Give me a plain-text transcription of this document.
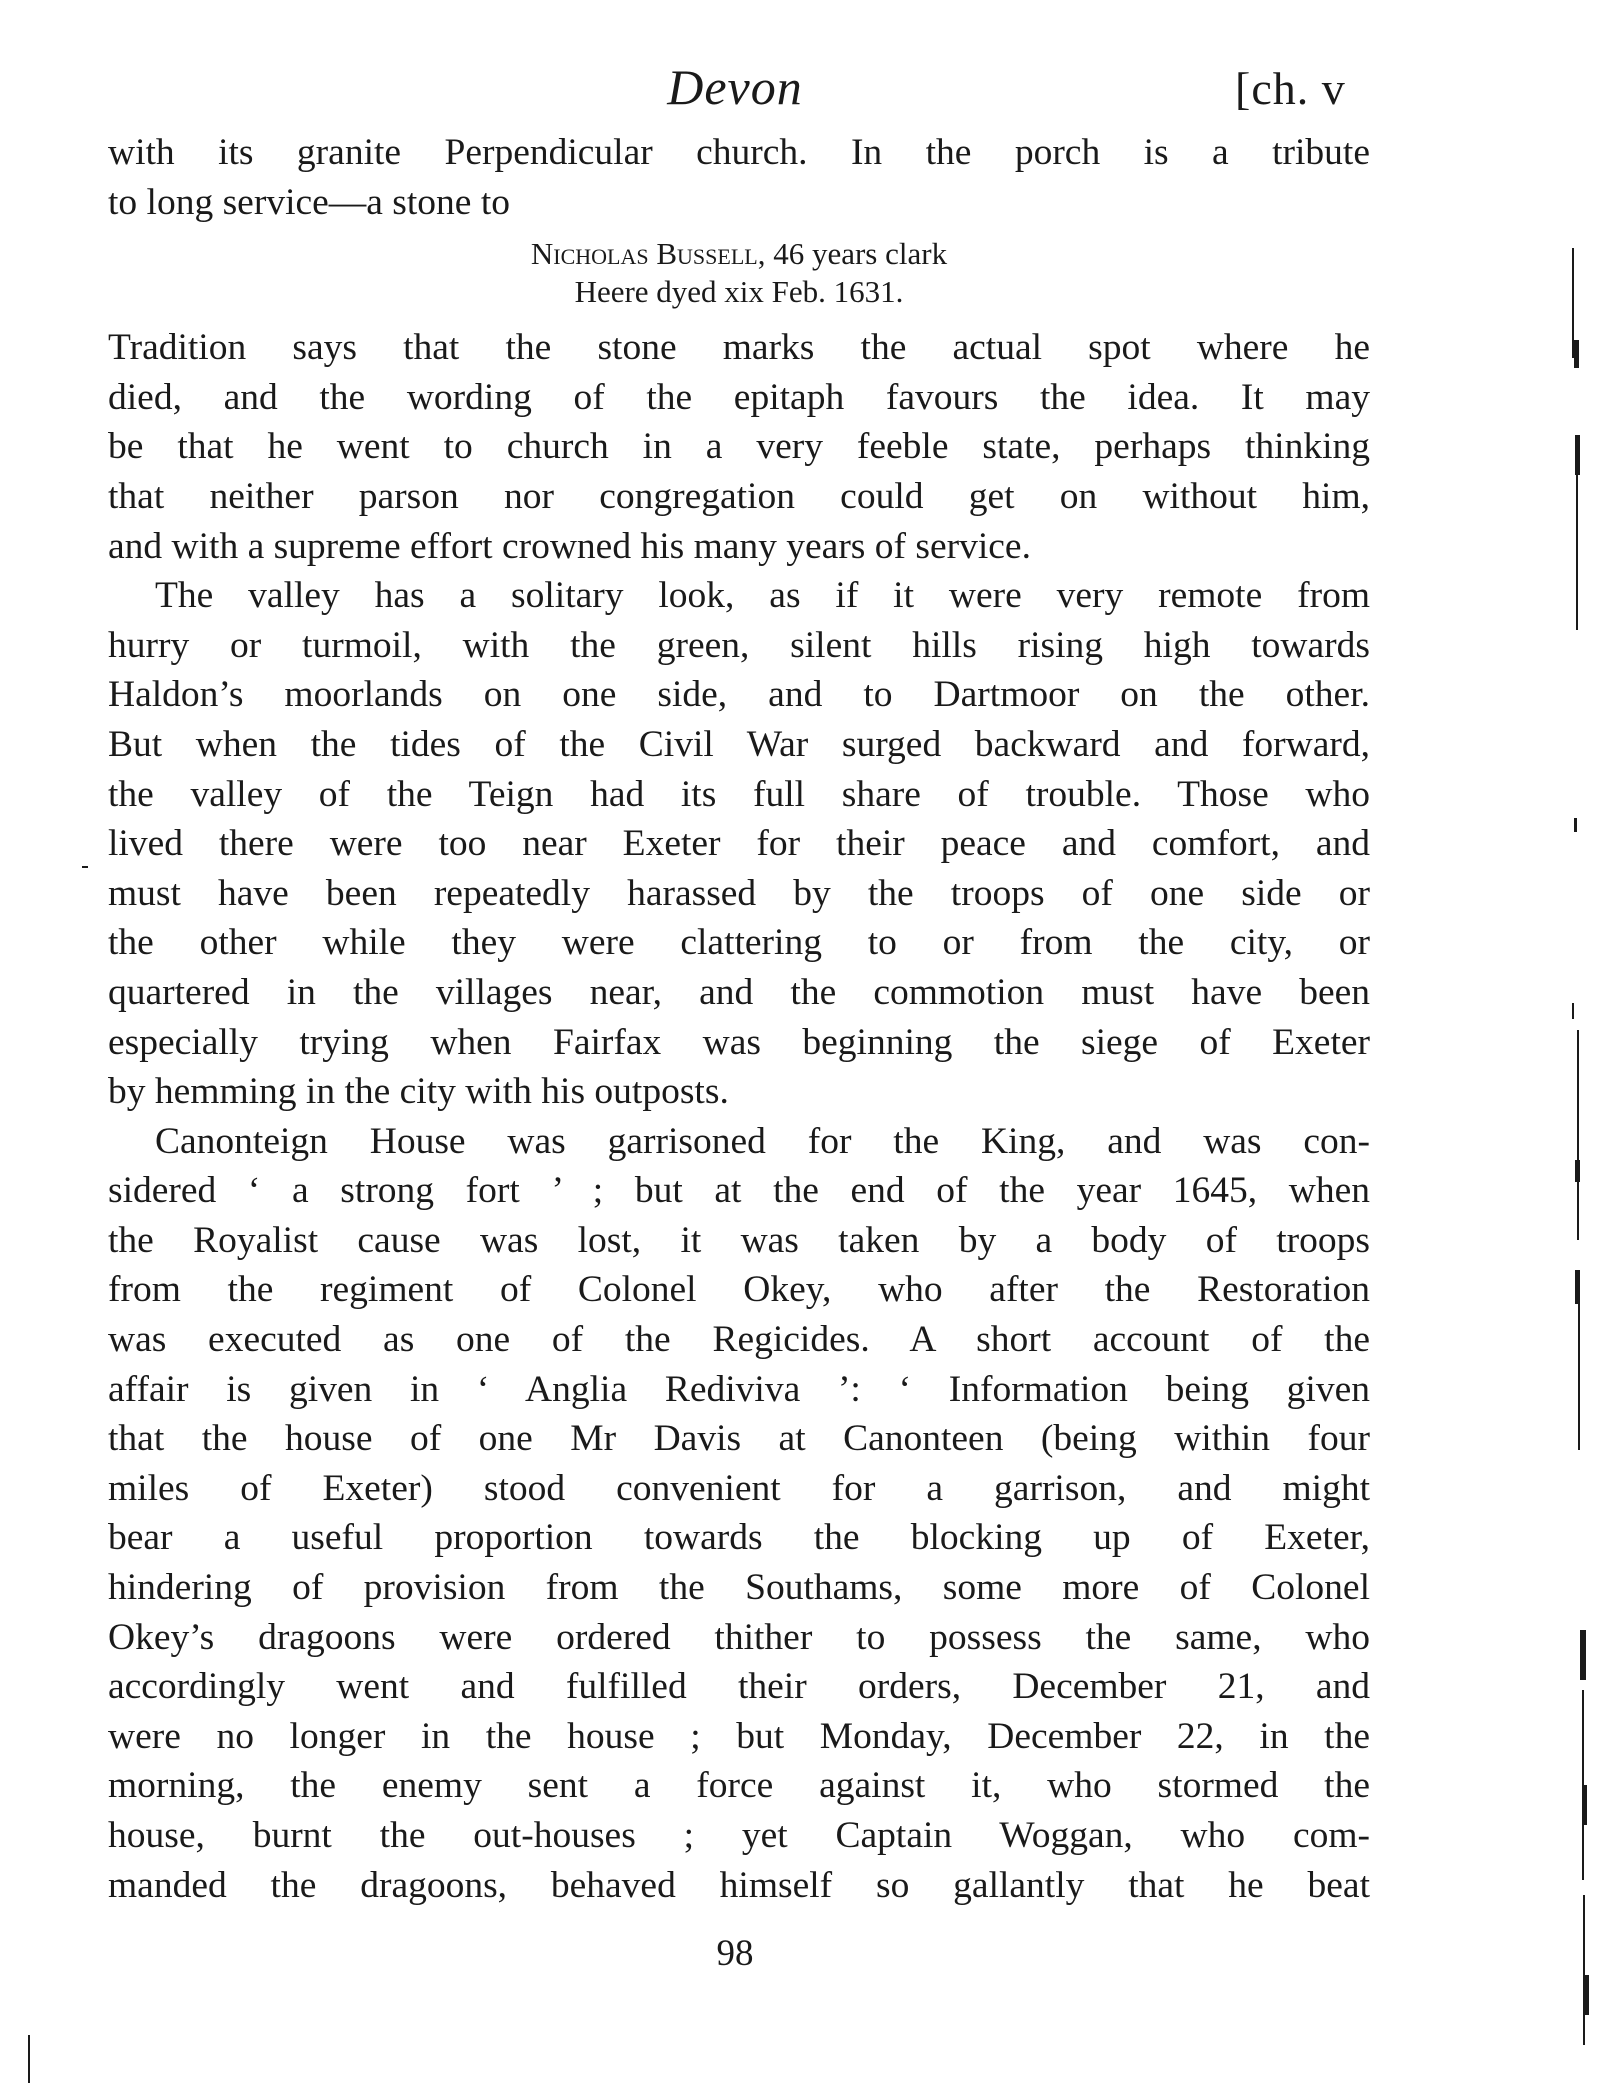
Devon	[ch. v
with its granite Perpendicular church. In the porch is a tribute
to long service—a stone to
Nicholas Bussell, 46 years clark
Heere dyed xix Feb. 1631.
Tradition says that the stone marks the actual spot where he
died, and the wording of the epitaph favours the idea. It may
be that he went to church in a very feeble state, perhaps thinking
that neither parson nor congregation could get on without him,
and with a supreme effort crowned his many years of service.
The valley has a solitary look, as if it were very remote from
hurry or turmoil, with the green, silent hills rising high towards
Haldon’s moorlands on one side, and to Dartmoor on the other.
But when the tides of the Civil War surged backward and forward,
the valley of the Teign had its full share of trouble. Those who
lived there were too near Exeter for their peace and comfort, and
must have been repeatedly harassed by the troops of one side or
the other while they were clattering to or from the city, or
quartered in the villages near, and the commotion must have been
especially trying when Fairfax was beginning the siege of Exeter
by hemming in the city with his outposts.
Canonteign House was garrisoned for the King, and was con-
sidered ‘ a strong fort ’ ; but at the end of the year 1645, when
the Royalist cause was lost, it was taken by a body of troops
from the regiment of Colonel Okey, who after the Restoration
was executed as one of the Regicides. A short account of the
affair is given in ‘ Anglia Rediviva ’: ‘ Information being given
that the house of one Mr Davis at Canonteen (being within four
miles of Exeter) stood convenient for a garrison, and might
bear a useful proportion towards the blocking up of Exeter,
hindering of provision from the Southams, some more of Colonel
Okey’s dragoons were ordered thither to possess the same, who
accordingly went and fulfilled their orders, December 21, and
were no longer in the house ; but Monday, December 22, in the
morning, the enemy sent a force against it, who stormed the
house, burnt the out-houses ; yet Captain Woggan, who com-
manded the dragoons, behaved himself so gallantly that he beat
98
